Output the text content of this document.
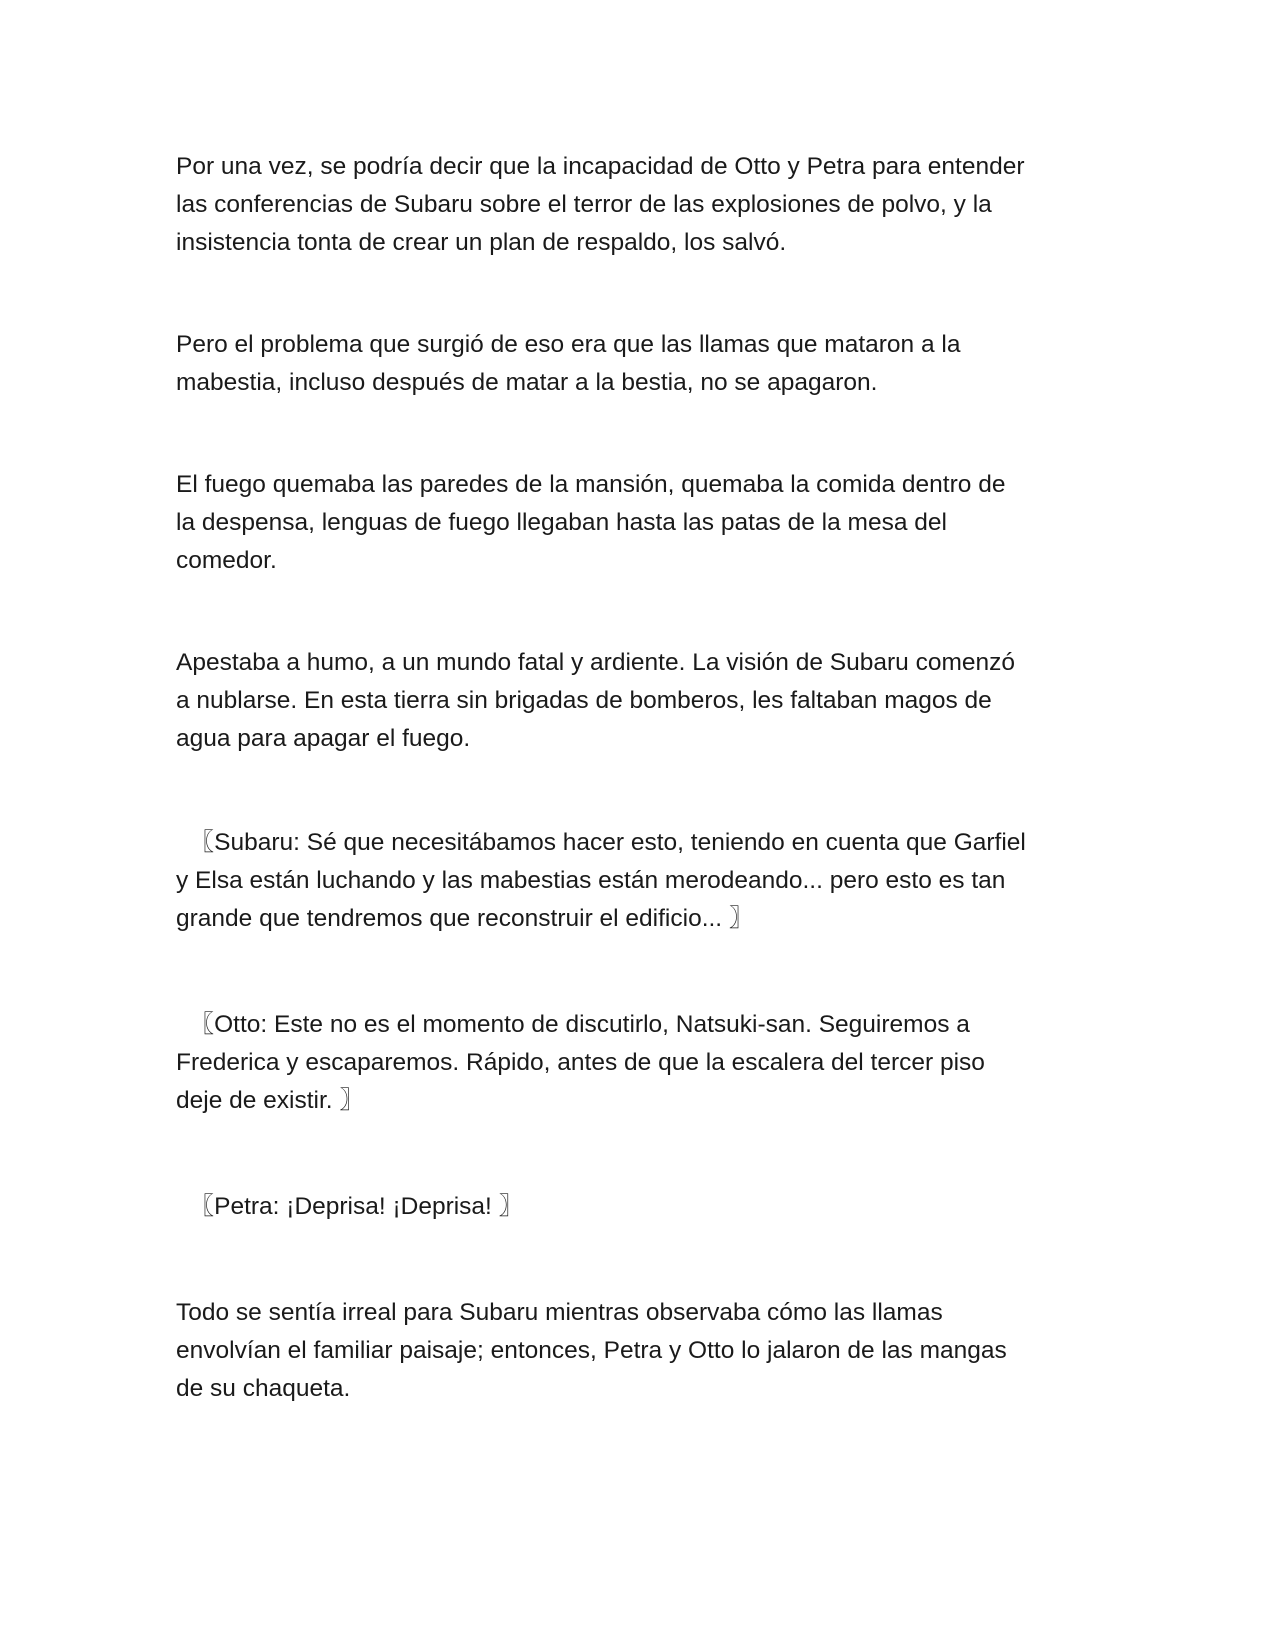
Por una vez, se podría decir que la incapacidad de Otto y Petra para entender
las conferencias de Subaru sobre el terror de las explosiones de polvo, y la
insistencia tonta de crear un plan de respaldo, los salvó.

Pero el problema que surgió de eso era que las llamas que mataron a la
mabestia, incluso después de matar a la bestia, no se apagaron.

El fuego quemaba las paredes de la mansión, quemaba la comida dentro de
la despensa, lenguas de fuego llegaban hasta las patas de la mesa del
comedor.

Apestaba a humo, a un mundo fatal y ardiente. La visión de Subaru comenzó
a nublarse. En esta tierra sin brigadas de bomberos, les faltaban magos de
agua para apagar el fuego.

〖Subaru: Sé que necesitábamos hacer esto, teniendo en cuenta que Garfiel
y Elsa están luchando y las mabestias están merodeando... pero esto es tan
grande que tendremos que reconstruir el edificio... 〗

〖Otto: Este no es el momento de discutirlo, Natsuki-san. Seguiremos a
Frederica y escaparemos. Rápido, antes de que la escalera del tercer piso
deje de existir. 〗

〖Petra: ¡Deprisa! ¡Deprisa! 〗

Todo se sentía irreal para Subaru mientras observaba cómo las llamas
envolvían el familiar paisaje; entonces, Petra y Otto lo jalaron de las mangas
de su chaqueta.
